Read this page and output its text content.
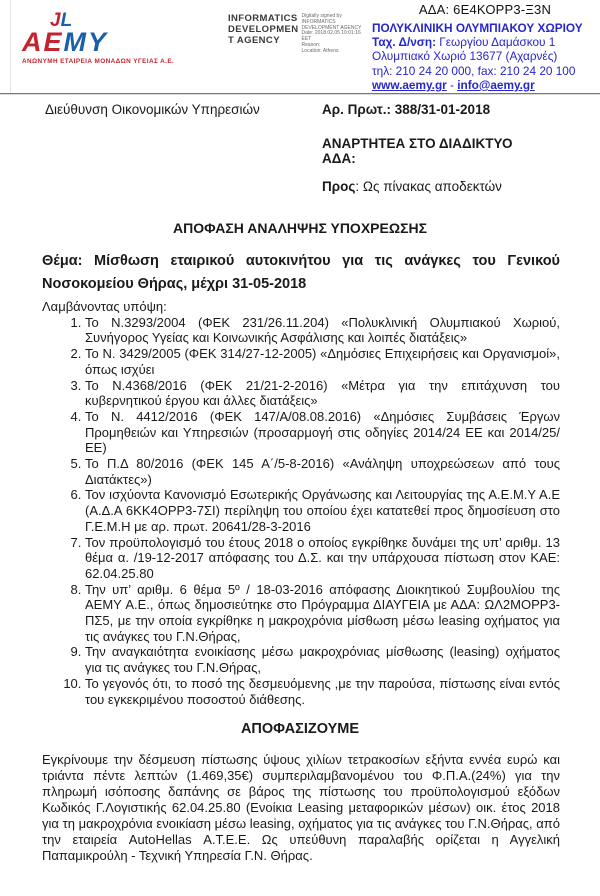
JL
ΑΕΜΥ
ΑΝΩΝΥΜΗ ΕΤΑΙΡΕΙΑ ΜΟΝΑΔΩΝ ΥΓΕΙΑΣ Α.Ε.
INFORMATICS
DEVELOPMEN
T AGENCY
Digitally signed by
INFORMATICS
DEVELOPMENT AGENCY
Date: 2018.02.05 10:01:16
EET
Reason:
Location: Athens
ΑΔΑ: 6Ε4ΚΟΡΡ3-Ξ3Ν
ΠΟΛΥΚΛΙΝΙΚΗ ΟΛΥΜΠΙΑΚΟΥ ΧΩΡΙΟΥ
Ταχ. Δ/νση: Γεωργίου Δαμάσκου 1
Ολυμπιακό Χωριό 13677 (Αχαρνές)
τηλ: 210 24 20 000, fax: 210 24 20 100
www.aemy.gr - info@aemy.gr
Διεύθυνση Οικονομικών Υπηρεσιών	Αρ. Πρωτ.: 388/31-01-2018
ΑΝΑΡΤΗΤΕΑ ΣΤΟ ΔΙΑΔΙΚΤΥΟ
ΑΔΑ:
Προς: Ως πίνακας αποδεκτών
ΑΠΟΦΑΣΗ ΑΝΑΛΗΨΗΣ ΥΠΟΧΡΕΩΣΗΣ
Θέμα: Μίσθωση εταιρικού αυτοκινήτου για τις ανάγκες του Γενικού Νοσοκομείου Θήρας, μέχρι 31-05-2018
Λαμβάνοντας υπόψη:
1. Το Ν.3293/2004 (ΦΕΚ 231/26.11.204) «Πολυκλινική Ολυμπιακού Χωριού, Συνήγορος Υγείας και Κοινωνικής Ασφάλισης και λοιπές διατάξεις»
2. Το Ν. 3429/2005 (ΦΕΚ 314/27-12-2005) «Δημόσιες Επιχειρήσεις και Οργανισμοί», όπως ισχύει
3. Το Ν.4368/2016 (ΦΕΚ 21/21-2-2016) «Μέτρα για την επιτάχυνση του κυβερνητικού έργου και άλλες διατάξεις»
4. Το Ν. 4412/2016 (ΦΕΚ 147/Α/08.08.2016) «Δημόσιες Συμβάσεις Έργων Προμηθειών και Υπηρεσιών (προσαρμογή στις οδηγίες 2014/24 ΕΕ και 2014/25/ΕΕ)
5. Το Π.Δ 80/2016 (ΦΕΚ 145 Α΄/5-8-2016) «Ανάληψη υποχρεώσεων από τους Διατάκτες»)
6. Τον ισχύοντα Κανονισμό Εσωτερικής Οργάνωσης και Λειτουργίας της Α.Ε.Μ.Υ Α.Ε (Α.Δ.Α 6ΚΚ4ΟΡΡ3-7ΣΙ) περίληψη του οποίου έχει κατατεθεί προς δημοσίευση στο Γ.Ε.Μ.Η με αρ. πρωτ. 20641/28-3-2016
7. Τον προϋπολογισμό του έτους 2018 ο οποίος εγκρίθηκε δυνάμει της υπ’ αριθμ. 13 θέμα α. /19-12-2017 απόφασης του Δ.Σ. και την υπάρχουσα πίστωση στον ΚΑΕ: 62.04.25.80
8. Την υπ’ αριθμ. 6 θέμα 5º / 18-03-2016 απόφασης Διοικητικού Συμβουλίου της ΑΕΜΥ Α.Ε., όπως δημοσιεύτηκε στο Πρόγραμμα ΔΙΑΥΓΕΙΑ με ΑΔΑ: ΩΛ2ΜΟΡΡ3-ΠΣ5, με την οποία εγκρίθηκε η μακροχρόνια μίσθωση μέσω leasing οχήματος για τις ανάγκες του Γ.Ν.Θήρας,
9. Την αναγκαιότητα ενοικίασης μέσω μακροχρόνιας μίσθωσης (leasing) οχήματος για τις ανάγκες του Γ.Ν.Θήρας,
10. Το γεγονός ότι, το ποσό της δεσμευόμενης ,με την παρούσα, πίστωσης είναι εντός του εγκεκριμένου ποσοστού διάθεσης.
ΑΠΟΦΑΣΙΖΟΥΜΕ
Εγκρίνουμε την δέσμευση πίστωσης ύψους χιλίων τετρακοσίων εξήντα εννέα ευρώ και τριάντα πέντε λεπτών (1.469,35€) συμπεριλαμβανομένου του Φ.Π.Α.(24%) για την πληρωμή ισόποσης δαπάνης σε βάρος της πίστωσης του προϋπολογισμού εξόδων Κωδικός Γ.Λογιστικής 62.04.25.80 (Ενοίκια Leasing μεταφορικών μέσων) οικ. έτος 2018 για τη μακροχρόνια ενοικίαση μέσω leasing, οχήματος για τις ανάγκες του Γ.Ν.Θήρας, από την εταιρεία AutoHellas Α.Τ.Ε.Ε. Ως υπεύθυνη παραλαβής ορίζεται η Αγγελική Παπαμικρούλη - Τεχνική Υπηρεσία Γ.Ν. Θήρας.
